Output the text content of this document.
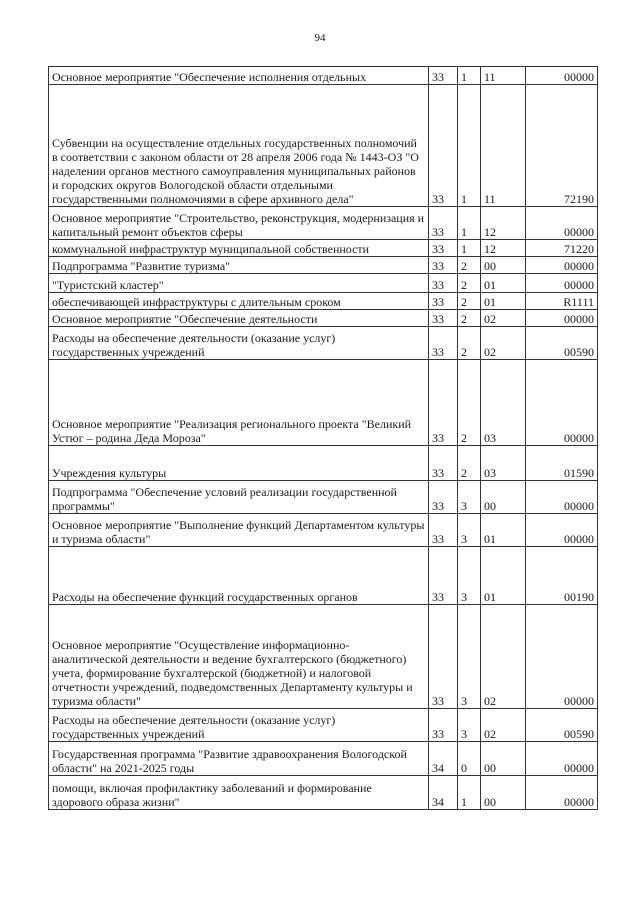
94
Основное мероприятие "Обеспечение исполнения отдельных	33	1	11	00000
Субвенции на осуществление отдельных государственных полномочий в соответствии с законом области от 28 апреля 2006 года № 1443-ОЗ "О наделении органов местного самоуправления муниципальных районов и городских округов Вологодской области отдельными государственными полномочиями в сфере архивного дела"	33	1	11	72190
Основное мероприятие "Строительство, реконструкция, модернизация и капитальный ремонт объектов сферы	33	1	12	00000
коммунальной инфраструктур муниципальной собственности	33	1	12	71220
Подпрограмма "Развитие туризма"	33	2	00	00000
"Туристский кластер"	33	2	01	00000
обеспечивающей инфраструктуры с длительным сроком	33	2	01	R1111
Основное мероприятие "Обеспечение деятельности	33	2	02	00000
Расходы на обеспечение деятельности (оказание услуг) государственных учреждений	33	2	02	00590
Основное мероприятие "Реализация регионального проекта "Великий Устюг – родина Деда Мороза"	33	2	03	00000
Учреждения культуры	33	2	03	01590
Подпрограмма "Обеспечение условий реализации государственной программы"	33	3	00	00000
Основное мероприятие "Выполнение функций Департаментом культуры и туризма области"	33	3	01	00000
Расходы на обеспечение функций государственных органов	33	3	01	00190
Основное мероприятие "Осуществление информационно-аналитической деятельности и ведение бухгалтерского (бюджетного) учета, формирование бухгалтерской (бюджетной) и налоговой отчетности учреждений, подведомственных Департаменту культуры и туризма области"	33	3	02	00000
Расходы на обеспечение деятельности (оказание услуг) государственных учреждений	33	3	02	00590
Государственная программа "Развитие здравоохранения Вологодской области" на 2021-2025 годы	34	0	00	00000
помощи, включая профилактику заболеваний и формирование здорового образа жизни"	34	1	00	00000
